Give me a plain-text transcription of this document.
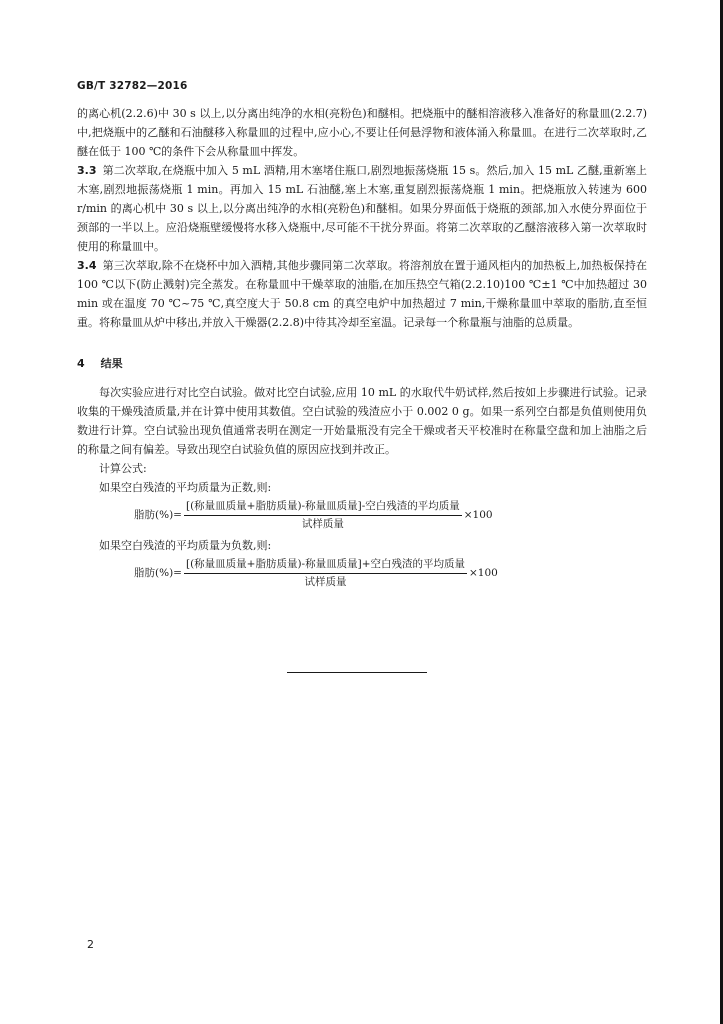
GB/T 32782—2016

的离心机(2.2.6)中 30 s 以上,以分离出纯净的水相(亮粉色)和醚相。把烧瓶中的醚相溶液移入准备好的称量皿(2.2.7)中,把烧瓶中的乙醚和石油醚移入称量皿的过程中,应小心,不要让任何悬浮物和液体涌入称量皿。在进行二次萃取时,乙醚在低于 100 ℃的条件下会从称量皿中挥发。

3.3 第二次萃取,在烧瓶中加入 5 mL 酒精,用木塞堵住瓶口,剧烈地振荡烧瓶 15 s。然后,加入 15 mL 乙醚,重新塞上木塞,剧烈地振荡烧瓶 1 min。再加入 15 mL 石油醚,塞上木塞,重复剧烈振荡烧瓶 1 min。把烧瓶放入转速为 600 r/min 的离心机中 30 s 以上,以分离出纯净的水相(亮粉色)和醚相。如果分界面低于烧瓶的颈部,加入水使分界面位于颈部的一半以上。应沿烧瓶壁缓慢将水移入烧瓶中,尽可能不干扰分界面。将第二次萃取的乙醚溶液移入第一次萃取时使用的称量皿中。

3.4 第三次萃取,除不在烧杯中加入酒精,其他步骤同第二次萃取。将溶剂放在置于通风柜内的加热板上,加热板保持在 100 ℃以下(防止溅射)完全蒸发。在称量皿中干燥萃取的油脂,在加压热空气箱(2.2.10)100 ℃±1 ℃中加热超过 30 min 或在温度 70 ℃~75 ℃,真空度大于 50.8 cm 的真空电炉中加热超过 7 min,干燥称量皿中萃取的脂肪,直至恒重。将称量皿从炉中移出,并放入干燥器(2.2.8)中待其冷却至室温。记录每一个称量瓶与油脂的总质量。

4 结果

每次实验应进行对比空白试验。做对比空白试验,应用 10 mL 的水取代牛奶试样,然后按如上步骤进行试验。记录收集的干燥残渣质量,并在计算中使用其数值。空白试验的残渣应小于 0.002 0 g。如果一系列空白都是负值则使用负数进行计算。空白试验出现负值通常表明在测定一开始量瓶没有完全干燥或者天平校准时在称量空盘和加上油脂之后的称量之间有偏差。导致出现空白试验负值的原因应找到并改正。

计算公式:

如果空白残渣的平均质量为正数,则:

脂肪(%)= $\frac{\text{[(称量皿质量+脂肪质量)-称量皿质量]-空白残渣的平均质量}}{\text{试样质量}} \times 100$

如果空白残渣的平均质量为负数,则:

脂肪(%)= $\frac{\text{[(称量皿质量+脂肪质量)-称量皿质量]+空白残渣的平均质量}}{\text{试样质量}} \times 100$
2
